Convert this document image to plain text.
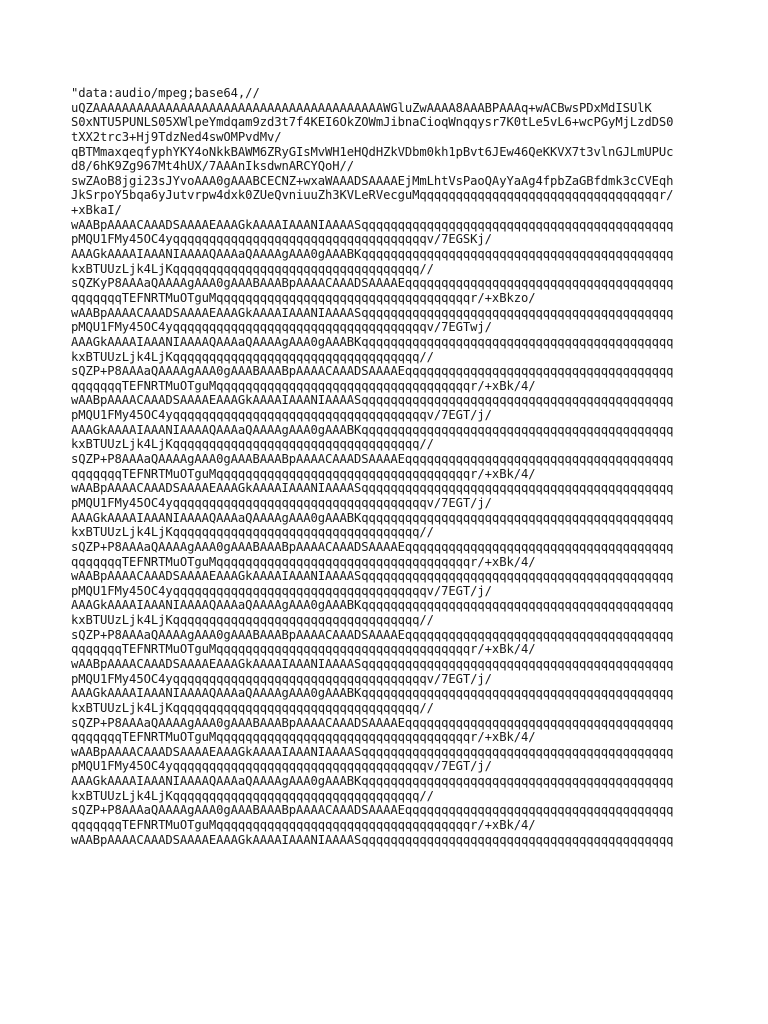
"data:audio/mpeg;base64,//
uQZAAAAAAAAAAAAAAAAAAAAAAAAAAAAAAAAAAAAAAAAWGluZwAAAA8AAABPAAAq+wACBwsPDxMdISUlK
S0xNTU5PUNLS05XWlpeYmdqam9zd3t7f4KEI6OkZOWmJibnaCioqWnqqysr7K0tLe5vL6+wcPGyMjLzdDS0
tXX2trc3+Hj9TdzNed4swOMPvdMv/
qBTMmaxqeqfyphYKY4oNkkBAWM6ZRyGIsMvWH1eHQdHZkVDbm0kh1pBvt6JEw46QeKKVX7t3vlnGJLmUPUc
d8/6hK9Zg967Mt4hUX/7AAAnIksdwnARCYQoH//
swZAoB8jgi23sJYvoAAA0gAAABCECNZ+wxaWAAADSAAAAEjMmLhtVsPaoQAyYaAg4fpbZaGBfdmk3cCVEqh
JkSrpoY5bqa6yJutvrpw4dxk0ZUeQvniuuZh3KVLeRVecguMqqqqqqqqqqqqqqqqqqqqqqqqqqqqqqqqqr/
+xBkaI/
wAABpAAAACAAADSAAAAEAAAGkAAAAIAAANIAAAASqqqqqqqqqqqqqqqqqqqqqqqqqqqqqqqqqqqqqqqqqqq
pMQU1FMy45OC4yqqqqqqqqqqqqqqqqqqqqqqqqqqqqqqqqqqqv/7EGSKj/
AAAGkAAAAIAAANIAAAAQAAAaQAAAAgAAA0gAAABKqqqqqqqqqqqqqqqqqqqqqqqqqqqqqqqqqqqqqqqqqqq
kxBTUUzLjk4LjKqqqqqqqqqqqqqqqqqqqqqqqqqqqqqqqqqq//
sQZKyP8AAAaQAAAAgAAA0gAAABAAABpAAAACAAADSAAAAEqqqqqqqqqqqqqqqqqqqqqqqqqqqqqqqqqqqqq
qqqqqqqTEFNRTMuOTguMqqqqqqqqqqqqqqqqqqqqqqqqqqqqqqqqqqqr/+xBkzo/
wAABpAAAACAAADSAAAAEAAAGkAAAAIAAANIAAAASqqqqqqqqqqqqqqqqqqqqqqqqqqqqqqqqqqqqqqqqqqq
pMQU1FMy45OC4yqqqqqqqqqqqqqqqqqqqqqqqqqqqqqqqqqqqv/7EGTwj/
AAAGkAAAAIAAANIAAAAQAAAaQAAAAgAAA0gAAABKqqqqqqqqqqqqqqqqqqqqqqqqqqqqqqqqqqqqqqqqqqq
kxBTUUzLjk4LjKqqqqqqqqqqqqqqqqqqqqqqqqqqqqqqqqqq//
sQZP+P8AAAaQAAAAgAAA0gAAABAAABpAAAACAAADSAAAAEqqqqqqqqqqqqqqqqqqqqqqqqqqqqqqqqqqqqq
qqqqqqqTEFNRTMuOTguMqqqqqqqqqqqqqqqqqqqqqqqqqqqqqqqqqqqr/+xBk/4/
wAABpAAAACAAADSAAAAEAAAGkAAAAIAAANIAAAASqqqqqqqqqqqqqqqqqqqqqqqqqqqqqqqqqqqqqqqqqqq
pMQU1FMy45OC4yqqqqqqqqqqqqqqqqqqqqqqqqqqqqqqqqqqqv/7EGT/j/
AAAGkAAAAIAAANIAAAAQAAAaQAAAAgAAA0gAAABKqqqqqqqqqqqqqqqqqqqqqqqqqqqqqqqqqqqqqqqqqqq
kxBTUUzLjk4LjKqqqqqqqqqqqqqqqqqqqqqqqqqqqqqqqqqq//
sQZP+P8AAAaQAAAAgAAA0gAAABAAABpAAAACAAADSAAAAEqqqqqqqqqqqqqqqqqqqqqqqqqqqqqqqqqqqqq
qqqqqqqTEFNRTMuOTguMqqqqqqqqqqqqqqqqqqqqqqqqqqqqqqqqqqqr/+xBk/4/
wAABpAAAACAAADSAAAAEAAAGkAAAAIAAANIAAAASqqqqqqqqqqqqqqqqqqqqqqqqqqqqqqqqqqqqqqqqqqq
pMQU1FMy45OC4yqqqqqqqqqqqqqqqqqqqqqqqqqqqqqqqqqqqv/7EGT/j/
AAAGkAAAAIAAANIAAAAQAAAaQAAAAgAAA0gAAABKqqqqqqqqqqqqqqqqqqqqqqqqqqqqqqqqqqqqqqqqqqq
kxBTUUzLjk4LjKqqqqqqqqqqqqqqqqqqqqqqqqqqqqqqqqqq//
sQZP+P8AAAaQAAAAgAAA0gAAABAAABpAAAACAAADSAAAAEqqqqqqqqqqqqqqqqqqqqqqqqqqqqqqqqqqqqq
qqqqqqqTEFNRTMuOTguMqqqqqqqqqqqqqqqqqqqqqqqqqqqqqqqqqqqr/+xBk/4/
wAABpAAAACAAADSAAAAEAAAGkAAAAIAAANIAAAASqqqqqqqqqqqqqqqqqqqqqqqqqqqqqqqqqqqqqqqqqqq
pMQU1FMy45OC4yqqqqqqqqqqqqqqqqqqqqqqqqqqqqqqqqqqqv/7EGT/j/
AAAGkAAAAIAAANIAAAAQAAAaQAAAAgAAA0gAAABKqqqqqqqqqqqqqqqqqqqqqqqqqqqqqqqqqqqqqqqqqqq
kxBTUUzLjk4LjKqqqqqqqqqqqqqqqqqqqqqqqqqqqqqqqqqq//
sQZP+P8AAAaQAAAAgAAA0gAAABAAABpAAAACAAADSAAAAEqqqqqqqqqqqqqqqqqqqqqqqqqqqqqqqqqqqqq
qqqqqqqTEFNRTMuOTguMqqqqqqqqqqqqqqqqqqqqqqqqqqqqqqqqqqqr/+xBk/4/
wAABpAAAACAAADSAAAAEAAAGkAAAAIAAANIAAAASqqqqqqqqqqqqqqqqqqqqqqqqqqqqqqqqqqqqqqqqqqq
pMQU1FMy45OC4yqqqqqqqqqqqqqqqqqqqqqqqqqqqqqqqqqqqv/7EGT/j/
AAAGkAAAAIAAANIAAAAQAAAaQAAAAgAAA0gAAABKqqqqqqqqqqqqqqqqqqqqqqqqqqqqqqqqqqqqqqqqqqq
kxBTUUzLjk4LjKqqqqqqqqqqqqqqqqqqqqqqqqqqqqqqqqqq//
sQZP+P8AAAaQAAAAgAAA0gAAABAAABpAAAACAAADSAAAAEqqqqqqqqqqqqqqqqqqqqqqqqqqqqqqqqqqqqq
qqqqqqqTEFNRTMuOTguMqqqqqqqqqqqqqqqqqqqqqqqqqqqqqqqqqqqr/+xBk/4/
wAABpAAAACAAADSAAAAEAAAGkAAAAIAAANIAAAASqqqqqqqqqqqqqqqqqqqqqqqqqqqqqqqqqqqqqqqqqqq
pMQU1FMy45OC4yqqqqqqqqqqqqqqqqqqqqqqqqqqqqqqqqqqqv/7EGT/j/
AAAGkAAAAIAAANIAAAAQAAAaQAAAAgAAA0gAAABKqqqqqqqqqqqqqqqqqqqqqqqqqqqqqqqqqqqqqqqqqqq
kxBTUUzLjk4LjKqqqqqqqqqqqqqqqqqqqqqqqqqqqqqqqqqq//
sQZP+P8AAAaQAAAAgAAA0gAAABAAABpAAAACAAADSAAAAEqqqqqqqqqqqqqqqqqqqqqqqqqqqqqqqqqqqqq
qqqqqqqTEFNRTMuOTguMqqqqqqqqqqqqqqqqqqqqqqqqqqqqqqqqqqqr/+xBk/4/
wAABpAAAACAAADSAAAAEAAAGkAAAAIAAANIAAAASqqqqqqqqqqqqqqqqqqqqqqqqqqqqqqqqqqqqqqqqqqq
